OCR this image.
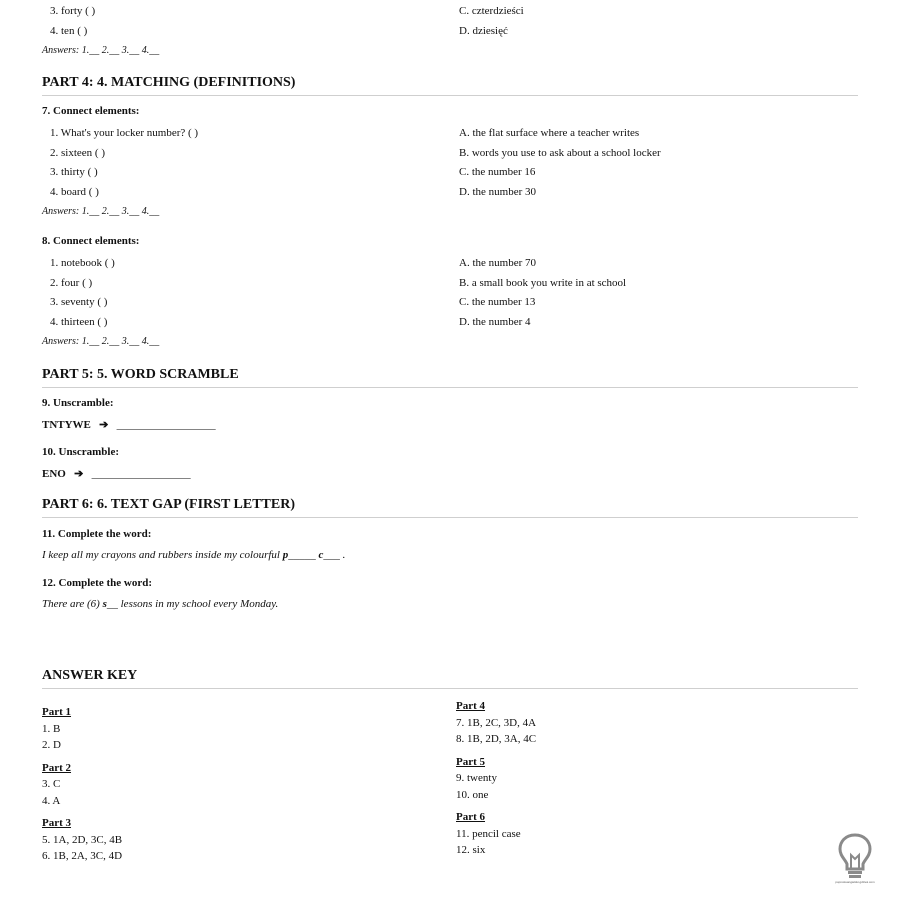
3. forty ( )	C. czterdzieści
4. ten ( )	D. dziesięć
Answers: 1.__ 2.__ 3.__ 4.__
PART 4: 4. MATCHING (DEFINITIONS)
7. Connect elements:
1. What's your locker number? ( )	A. the flat surface where a teacher writes
2. sixteen ( )	B. words you use to ask about a school locker
3. thirty ( )	C. the number 16
4. board ( )	D. the number 30
Answers: 1.__ 2.__ 3.__ 4.__
8. Connect elements:
1. notebook ( )	A. the number 70
2. four ( )	B. a small book you write in at school
3. seventy ( )	C. the number 13
4. thirteen ( )	D. the number 4
Answers: 1.__ 2.__ 3.__ 4.__
PART 5: 5. WORD SCRAMBLE
9. Unscramble:
TNTYWE ➔ __________________
10. Unscramble:
ENO ➔ __________________
PART 6: 6. TEXT GAP (FIRST LETTER)
11. Complete the word:
I keep all my crayons and rubbers inside my colourful p_____ c___ .
12. Complete the word:
There are (6) s__ lessons in my school every Monday.
ANSWER KEY
Part 1
1. B
2. D
Part 2
3. C
4. A
Part 3
5. 1A, 2D, 3C, 4B
6. 1B, 2A, 3C, 4D
Part 4
7. 1B, 2C, 3D, 4A
8. 1B, 2D, 3A, 4C
Part 5
9. twenty
10. one
Part 6
11. pencil case
12. six
poprostuangielski.gdzieś.com
